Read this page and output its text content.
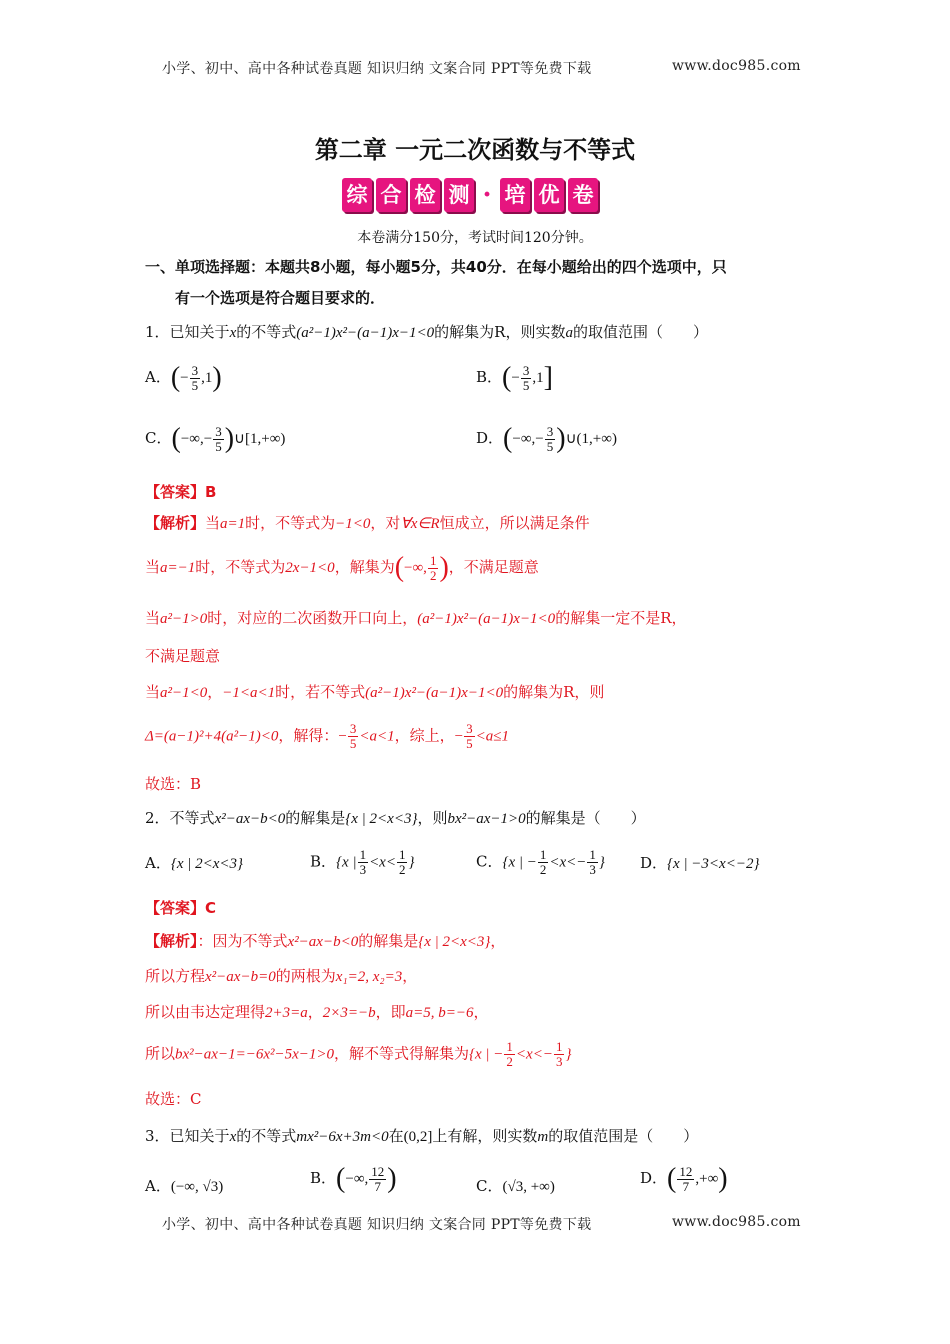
小学、初中、高中各种试卷真题 知识归纳 文案合同 PPT等免费下载	www.doc985.com
第二章 一元二次函数与不等式
综 合 检 测 · 培 优 卷
本卷满分150分，考试时间120分钟。
一、单项选择题：本题共8小题，每小题5分，共40分．在每小题给出的四个选项中，只
有一个选项是符合题目要求的．
1．已知关于x的不等式(a²−1)x²−(a−1)x−1<0的解集为R，则实数a的取值范围（　　）
A．(− $\frac{3}{5} ,1$)	B．(− $\frac{3}{5} ,1$]
C．(−∞,− $\frac{3}{5}$ )∪[1,+∞)	D．(−∞,− $\frac{3}{5}$ )∪(1,+∞)
【答案】B
【解析】当a=1时，不等式为−1<0，对∀x∈R恒成立，所以满足条件
当a=−1时，不等式为2x−1<0，解集为(−∞, $\frac{1}{2}$ )，不满足题意
当a²−1>0时，对应的二次函数开口向上，(a²−1)x²−(a−1)x−1<0的解集一定不是R，
不满足题意
当a²−1<0，−1<a<1时，若不等式(a²−1)x²−(a−1)x−1<0的解集为R，则
Δ=(a−1)²+4(a²−1)<0，解得：− $\frac{3}{5} <a<1$，综上，− $\frac{3}{5} <a\le 1$
故选：B
2．不等式x²−ax−b<0的解集是{x | 2<x<3}，则bx²−ax−1>0的解集是（　　）
A．{x | 2<x<3}	B．{x | $\frac{1}{3} <x< \frac{1}{2}$ }	C．{x | − $\frac{1}{2} <x<- \frac{1}{3}$ } D．{x | −3<x<−2}
【答案】C
【解析】：因为不等式x²−ax−b<0的解集是{x | 2<x<3}，
所以方程x²−ax−b=0的两根为x₁=2, x₂=3，
所以由韦达定理得2+3=a，2×3=−b，即a=5, b=−6，
所以bx²−ax−1=−6x²−5x−1>0，解不等式得解集为{x | − $\frac{1}{2} <x<- \frac{1}{3}$ }
故选：C
3．已知关于x的不等式mx²−6x+3m<0在(0,2]上有解，则实数m的取值范围是（　　）
A．(−∞, √3)	B．(−∞, $\frac{12}{7}$ )	C．(√3, +∞)	D．( $\frac{12}{7}$ ,+∞)
小学、初中、高中各种试卷真题 知识归纳 文案合同 PPT等免费下载	www.doc985.com
